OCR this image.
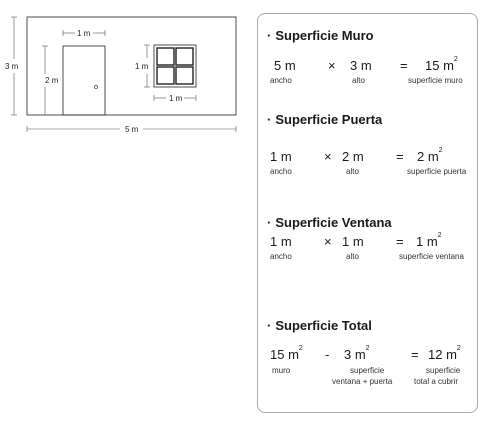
3 m
2 m
1 m
1 m
1 m
5 m
· Superficie Muro
5 m
ancho
× 3 m
alto
= 15 $m^2$
superficie muro
· Superficie Puerta
1 m
ancho
× 2 m
alto
= 2 $m^2$
superficie puerta
· Superficie Ventana
1 m
ancho
× 1 m
alto
= 1 $m^2$
superficie ventana
· Superficie Total
15 $m^2$
muro
- 3 $m^2$
superficie
ventana + puerta
= 12 $m^2$
superficie
total a cubrir
